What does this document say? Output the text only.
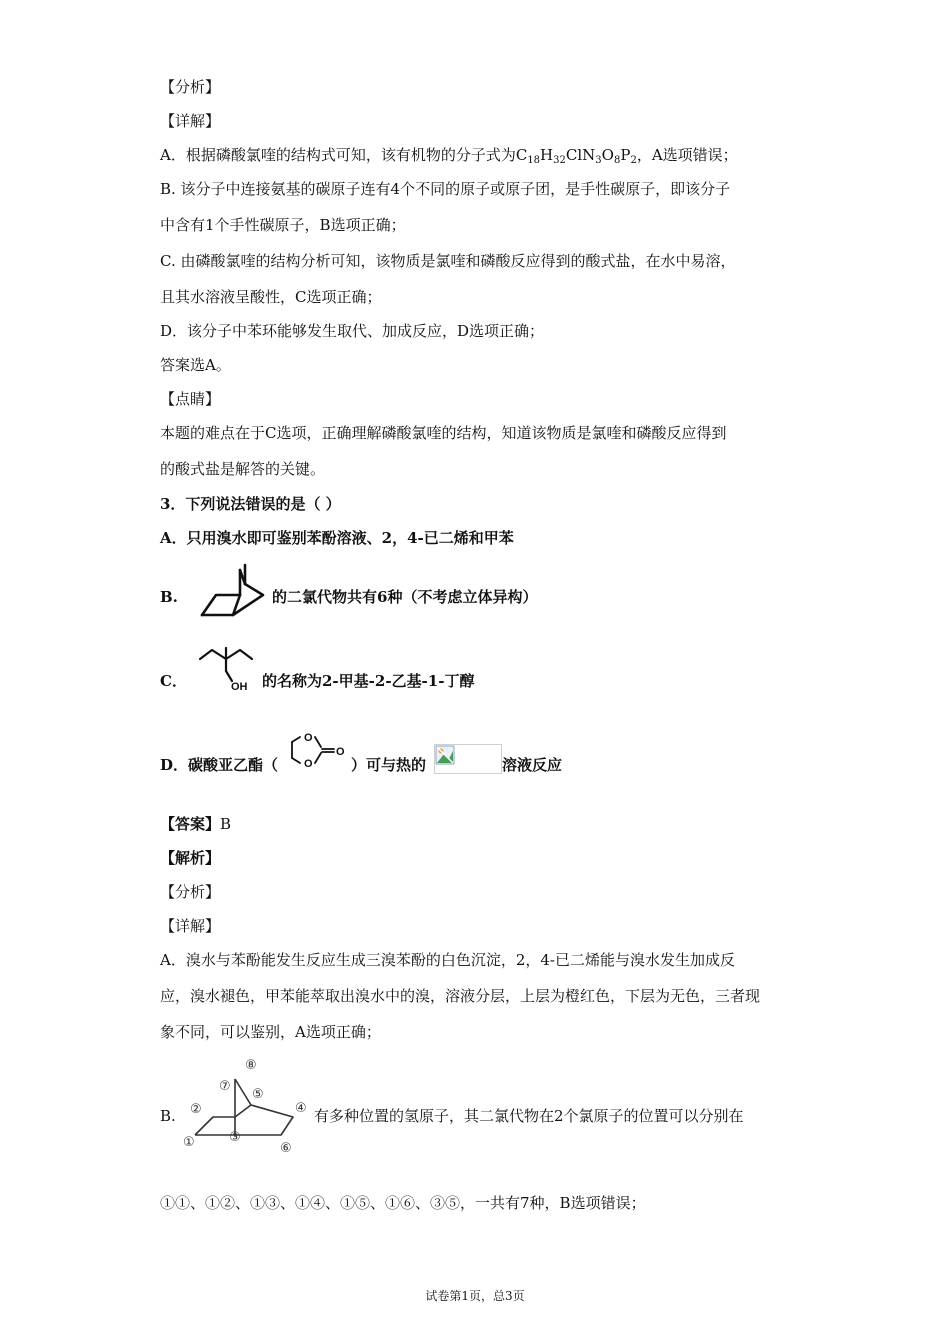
【分析】
【详解】
A．根据磷酸氯喹的结构式可知，该有机物的分子式为$C_{18}H_{32}ClN_3O_8P_2$，A选项错误；
B. 该分子中连接氨基的碳原子连有4个不同的原子或原子团，是手性碳原子，即该分子
中含有1个手性碳原子，B选项正确；
C. 由磷酸氯喹的结构分析可知，该物质是氯喹和磷酸反应得到的酸式盐，在水中易溶，
且其水溶液呈酸性，C选项正确；
D．该分子中苯环能够发生取代、加成反应，D选项正确；
答案选A。
【点睛】
本题的难点在于C选项，正确理解磷酸氯喹的结构，知道该物质是氯喹和磷酸反应得到
的酸式盐是解答的关键。
3．下列说法错误的是（ ）
A．只用溴水即可鉴别苯酚溶液、2，4-已二烯和甲苯
B.	的二氯代物共有6种（不考虑立体异构）
C．	OH 的名称为2-甲基-2-乙基-1-丁醇
D．碳酸亚乙酯（
O
O
O
）可与热的	溶液反应
【答案】B
【解析】
【分析】
【详解】
A．溴水与苯酚能发生反应生成三溴苯酚的白色沉淀，2，4-已二烯能与溴水发生加成反
应，溴水褪色，甲苯能萃取出溴水中的溴，溶液分层，上层为橙红色，下层为无色，三者现
象不同，可以鉴别，A选项正确；
B.
①
②
③
④
⑤
⑥
⑦
⑧
有多种位置的氢原子，其二氯代物在2个氯原子的位置可以分别在
①①、①②、①③、①④、①⑤、①⑥、③⑤，一共有7种，B选项错误；
试卷第1页，总3页
